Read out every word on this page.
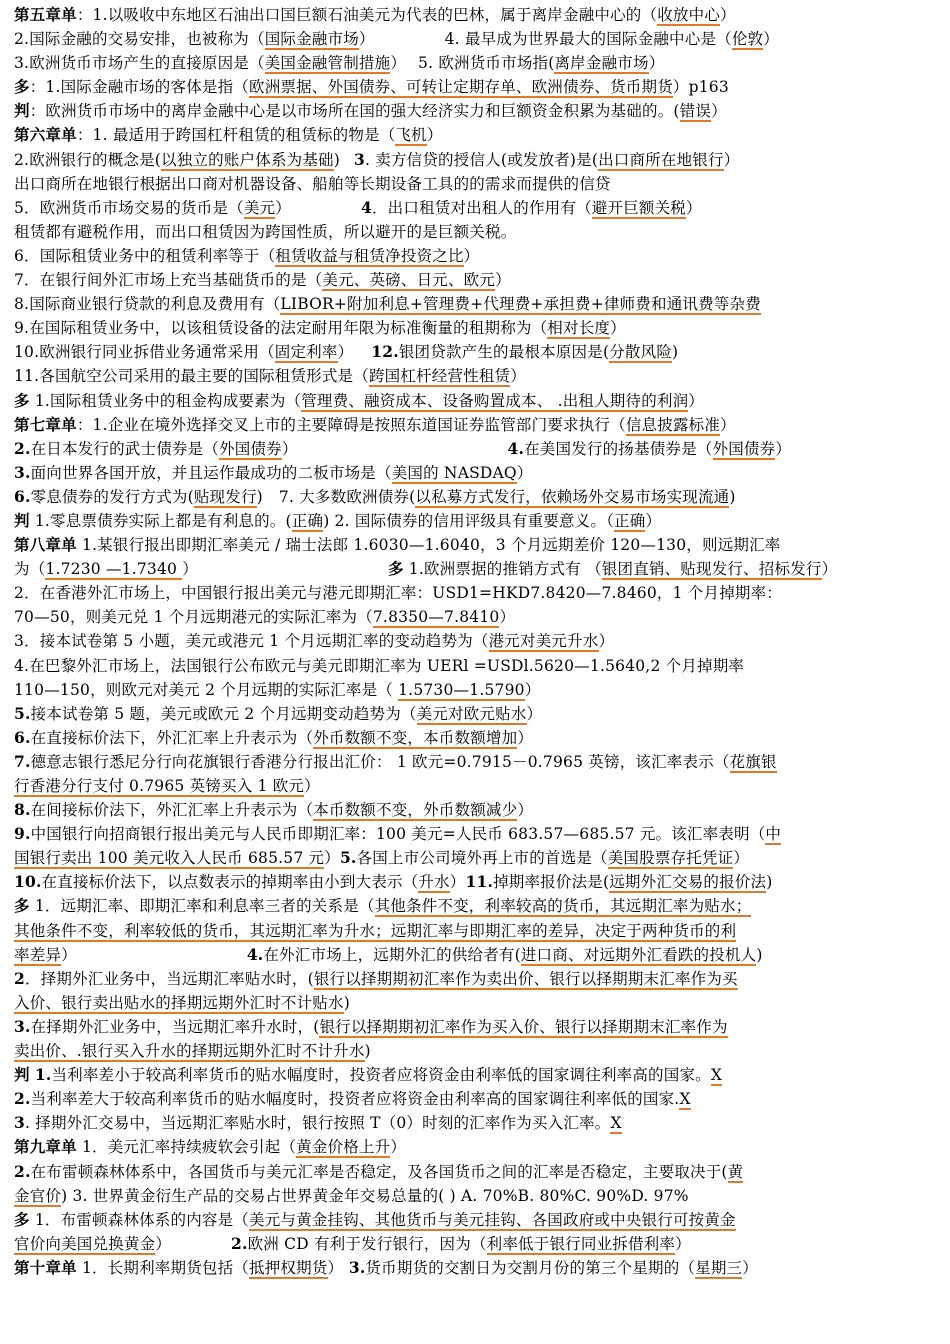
第五章单：1.以吸收中东地区石油出口国巨额石油美元为代表的巴林，属于离岸金融中心的（收放中心）
2.国际金融的交易安排，也被称为（国际金融市场）	4. 最早成为世界最大的国际金融中心是（伦敦）
3.欧洲货币市场产生的直接原因是（美国金融管制措施） 5. 欧洲货币市场指(离岸金融市场）
多：1.国际金融市场的客体是指（欧洲票据、外国债券、可转让定期存单、欧洲债券、货币期货）p163
判：欧洲货币市场中的离岸金融中心是以市场所在国的强大经济实力和巨额资金积累为基础的。(错误）
第六章单：1. 最适用于跨国杠杆租赁的租赁标的物是（飞机）
2.欧洲银行的概念是(以独立的账户体系为基础) 3. 卖方信贷的授信人(或发放者)是(出口商所在地银行）
出口商所在地银行根据出口商对机器设备、船舶等长期设备工具的的需求而提供的信贷
5．欧洲货币市场交易的货币是（美元）	4．出口租赁对出租人的作用有（避开巨额关税）
租赁都有避税作用，而出口租赁因为跨国性质，所以避开的是巨额关税。
6．国际租赁业务中的租赁利率等于（租赁收益与租赁净投资之比）
7．在银行间外汇市场上充当基础货币的是（美元、英磅、日元、欧元）
8.国际商业银行贷款的利息及费用有（LIBOR+附加利息+管理费+代理费+承担费+律师费和通讯费等杂费
9.在国际租赁业务中，以该租赁设备的法定耐用年限为标准衡量的租期称为（相对长度）
10.欧洲银行同业拆借业务通常采用（固定利率） 12.银团贷款产生的最根本原因是(分散风险)
11.各国航空公司采用的最主要的国际租赁形式是（跨国杠杆经营性租赁）
多 1.国际租赁业务中的租金构成要素为（管理费、融资成本、设备购置成本、 .出租人期待的利润）
第七章单：1.企业在境外选择交叉上市的主要障碍是按照东道国证券监管部门要求执行（信息披露标准）
2.在日本发行的武士债券是（外国债券）	4.在美国发行的扬基债券是（外国债券）
3.面向世界各国开放，并且运作最成功的二板市场是（美国的 NASDAQ）
6.零息债券的发行方式为(贴现发行) 7. 大多数欧洲债券(以私募方式发行，依赖场外交易市场实现流通)
判 1.零息票债券实际上都是有利息的。(正确) 2. 国际债券的信用评级具有重要意义。（正确）
第八章单 1.某银行报出即期汇率美元 / 瑞士法郎 1.6030—1.6040，3 个月远期差价 120—130，则远期汇率
为（1.7230 —1.7340 ）	多 1.欧洲票据的推销方式有 （银团直销、贴现发行、招标发行）
2．在香港外汇市场上，中国银行报出美元与港元即期汇率：USD1=HKD7.8420—7.8460，1 个月掉期率：
70—50，则美元兑 1 个月远期港元的实际汇率为（7.8350—7.8410）
3．接本试卷第 5 小题，美元或港元 1 个月远期汇率的变动趋势为（港元对美元升水）
4.在巴黎外汇市场上，法国银行公布欧元与美元即期汇率为 UERl =USDl.5620—1.5640,2 个月掉期率
110—150，则欧元对美元 2 个月远期的实际汇率是（ 1.5730—1.5790）
5.接本试卷第 5 题，美元或欧元 2 个月远期变动趋势为（美元对欧元贴水）
6.在直接标价法下，外汇汇率上升表示为（外币数额不变，本币数额增加）
7.德意志银行悉尼分行向花旗银行香港分行报出汇价： 1 欧元=0.7915－0.7965 英镑，该汇率表示（花旗银
行香港分行支付 0.7965 英镑买入 1 欧元）
8.在间接标价法下，外汇汇率上升表示为（本币数额不变，外币数额减少）
9.中国银行向招商银行报出美元与人民币即期汇率：100 美元=人民币 683.57—685.57 元。该汇率表明（中
国银行卖出 100 美元收入人民币 685.57 元）5.各国上市公司境外再上市的首选是（美国股票存托凭证）
10.在直接标价法下，以点数表示的掉期率由小到大表示（升水）11.掉期率报价法是(远期外汇交易的报价法)
多 1．远期汇率、即期汇率和利息率三者的关系是（其他条件不变，利率较高的货币，其远期汇率为贴水；
其他条件不变，利率较低的货币，其远期汇率为升水；远期汇率与即期汇率的差异，决定于两种货币的利
率差异）	4.在外汇市场上，远期外汇的供给者有(进口商、对远期外汇看跌的投机人)
2．择期外汇业务中，当远期汇率贴水时，(银行以择期期初汇率作为卖出价、银行以择期期末汇率作为买
入价、银行卖出贴水的择期远期外汇时不计贴水)
3.在择期外汇业务中，当远期汇率升水时，(银行以择期期初汇率作为买入价、银行以择期期末汇率作为
卖出价、.银行买入升水的择期远期外汇时不计升水)
判 1.当利率差小于较高利率货币的贴水幅度时，投资者应将资金由利率低的国家调往利率高的国家。X
2.当利率差大于较高利率货币的贴水幅度时，投资者应将资金由利率高的国家调往利率低的国家.X
3. 择期外汇交易中，当远期汇率贴水时，银行按照 T（0）时刻的汇率作为买入汇率。X
第九章单 1．美元汇率持续疲软会引起（黄金价格上升）
2.在布雷顿森林体系中，各国货币与美元汇率是否稳定，及各国货币之间的汇率是否稳定，主要取决于(黄
金官价) 3. 世界黄金衍生产品的交易占世界黄金年交易总量的( ) A. 70%B. 80%C. 90%D. 97%
多 1．布雷顿森林体系的内容是（美元与黄金挂钩、其他货币与美元挂钩、各国政府或中央银行可按黄金
官价向美国兑换黄金）	2.欧洲 CD 有利于发行银行，因为（利率低于银行同业拆借利率）
第十章单 1．长期利率期货包括（抵押权期货） 3.货币期货的交割日为交割月份的第三个星期的（星期三）
